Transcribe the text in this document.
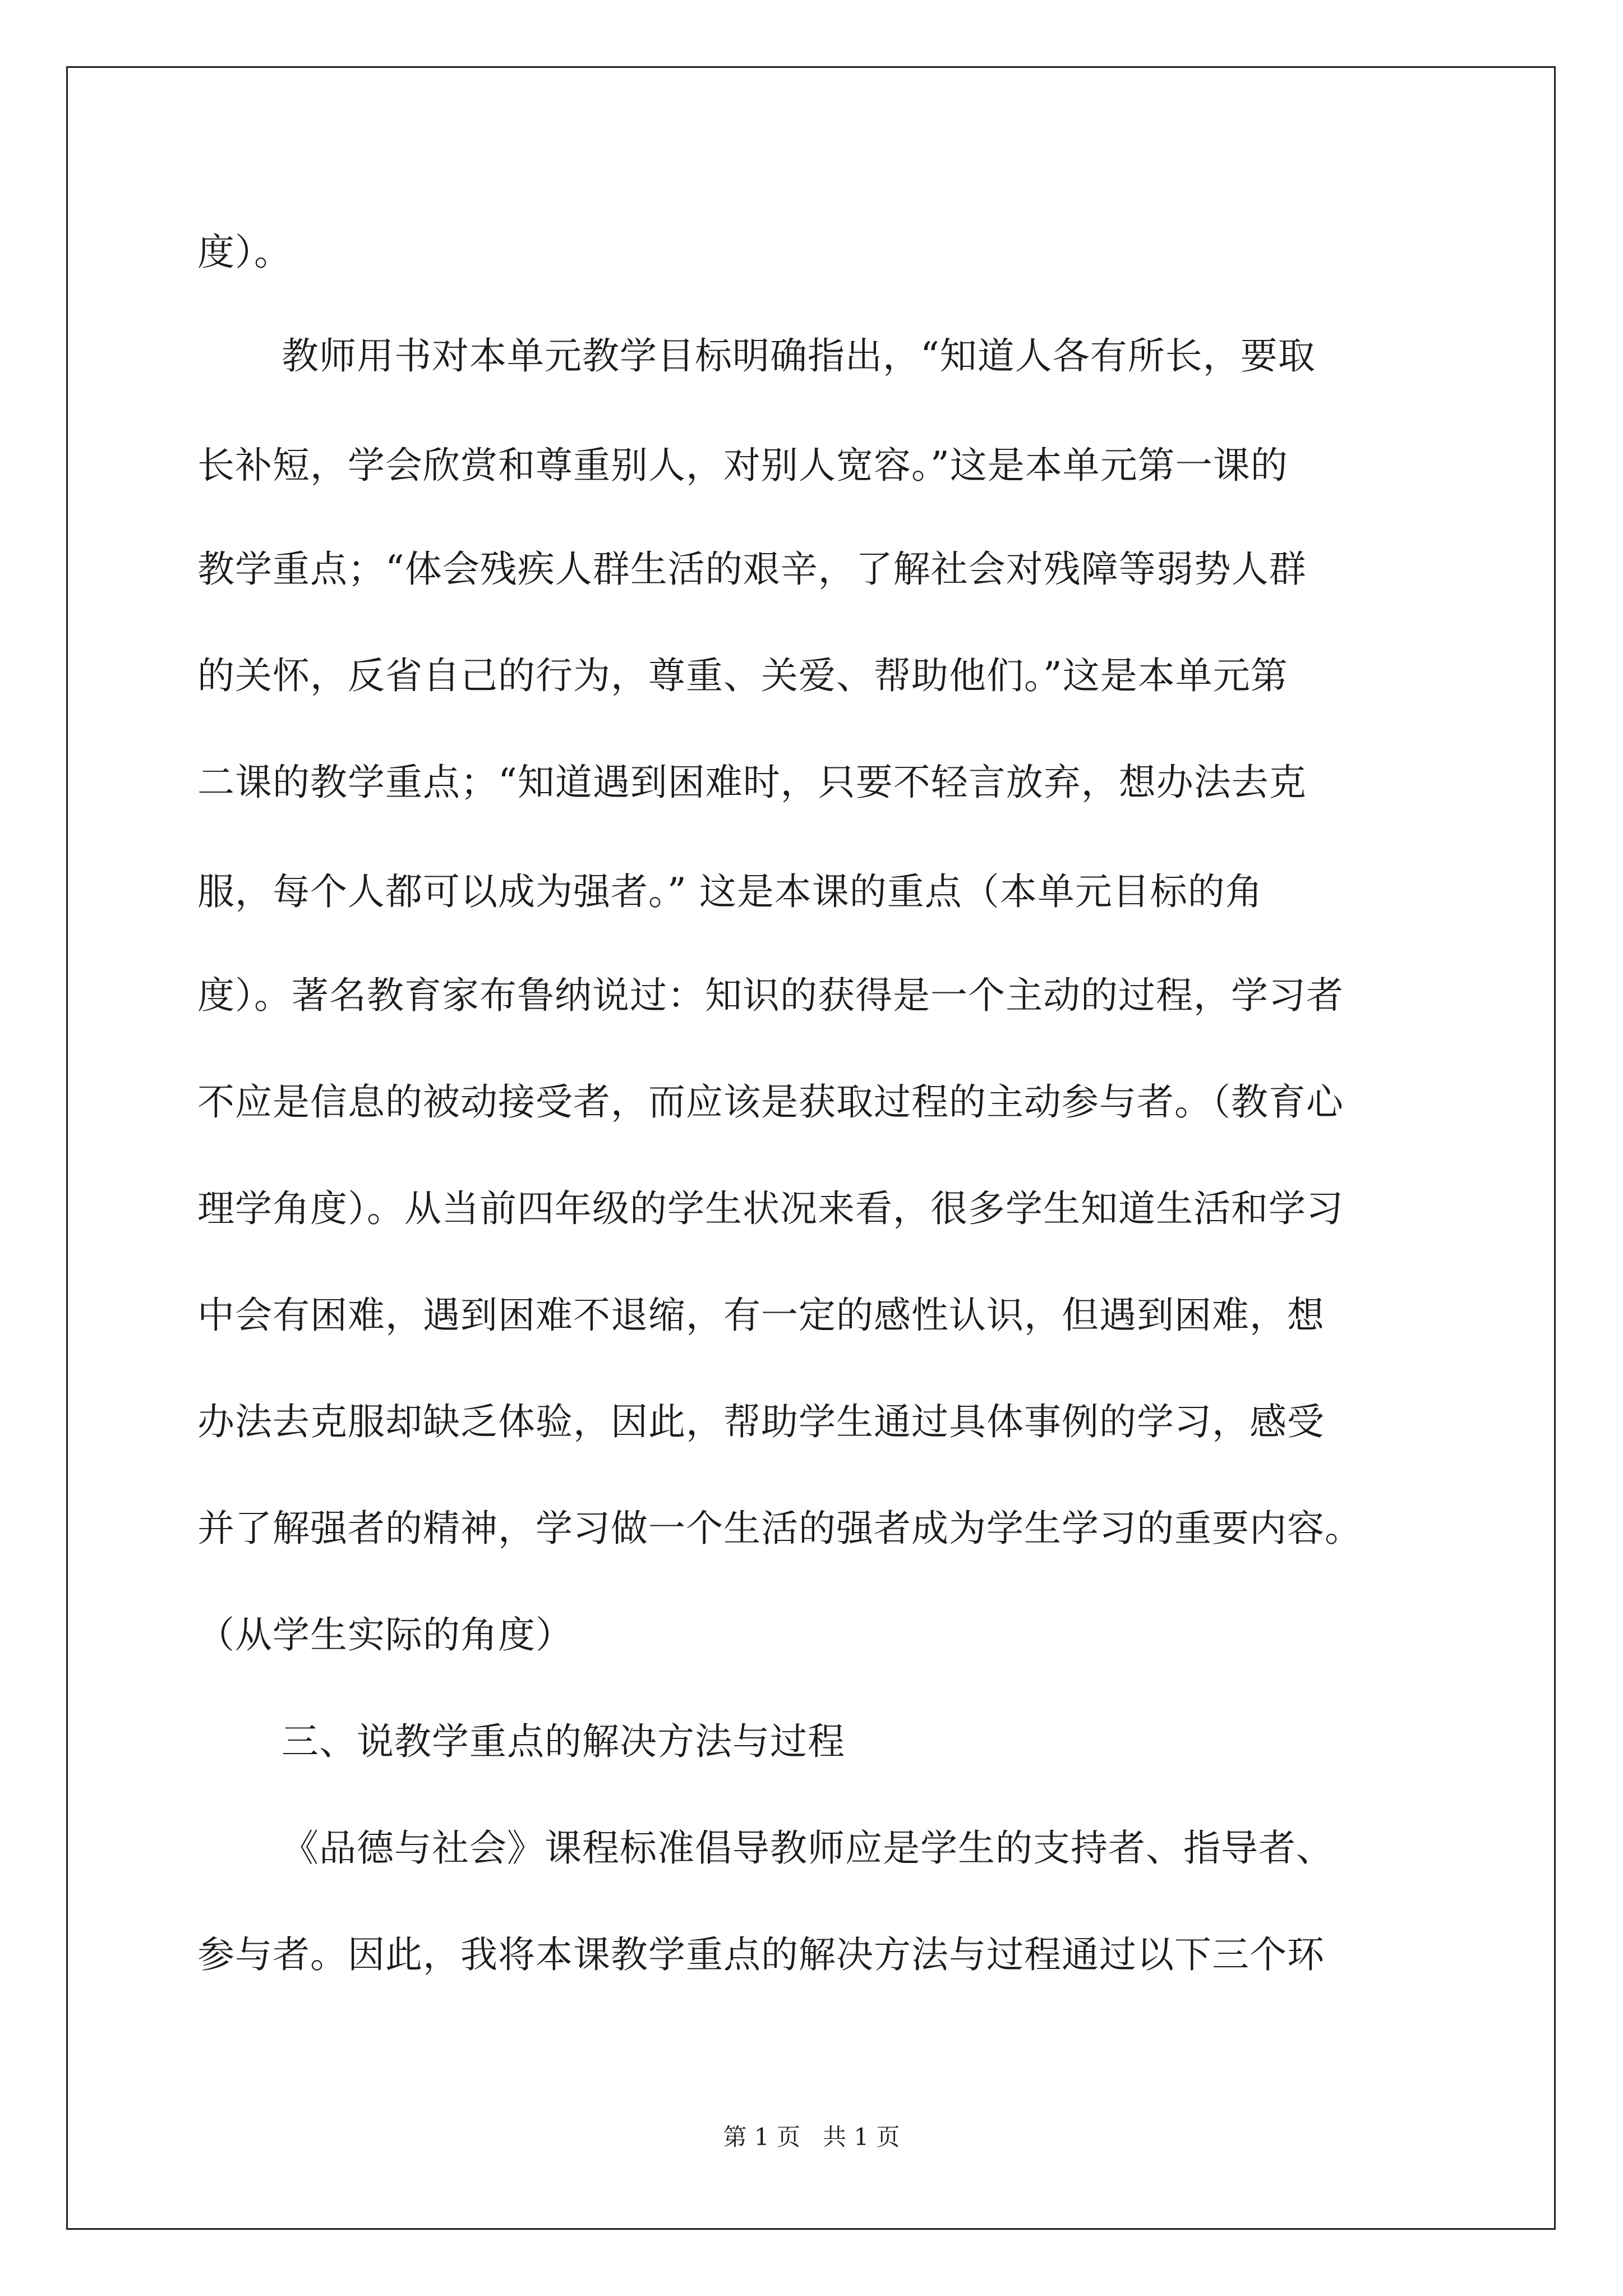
度）。
教师用书对本单元教学目标明确指出，“知道人各有所长，要取
长补短，学会欣赏和尊重别人，对别人宽容。”这是本单元第一课的
教学重点；“体会残疾人群生活的艰辛，了解社会对残障等弱势人群
的关怀，反省自己的行为，尊重、关爱、帮助他们。”这是本单元第
二课的教学重点；“知道遇到困难时，只要不轻言放弃，想办法去克
服，每个人都可以成为强者。” 这是本课的重点（本单元目标的角
度）。著名教育家布鲁纳说过：知识的获得是一个主动的过程，学习者
不应是信息的被动接受者，而应该是获取过程的主动参与者。（教育心
理学角度）。从当前四年级的学生状况来看，很多学生知道生活和学习
中会有困难，遇到困难不退缩，有一定的感性认识，但遇到困难，想
办法去克服却缺乏体验，因此，帮助学生通过具体事例的学习，感受
并了解强者的精神，学习做一个生活的强者成为学生学习的重要内容。
（从学生实际的角度）
三、说教学重点的解决方法与过程
《品德与社会》课程标准倡导教师应是学生的支持者、指导者、
参与者。因此，我将本课教学重点的解决方法与过程通过以下三个环
第 1 页   共 1 页
